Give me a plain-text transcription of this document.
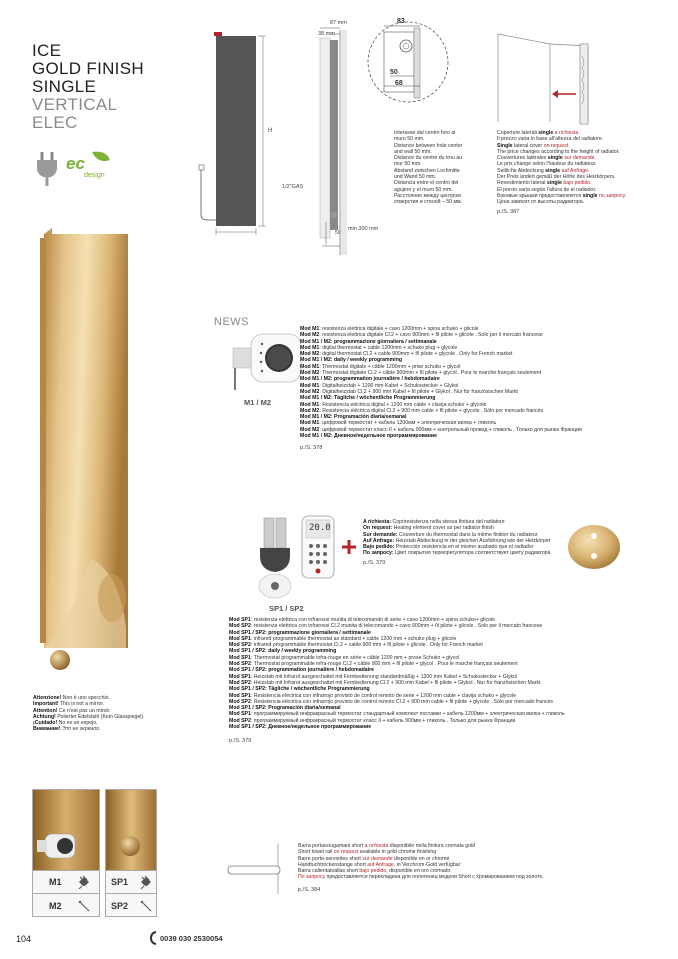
ICE
GOLD FINISH
SINGLE
VERTICAL
ELEC
ec
design
Attenzione! Non è uno specchio.
Important! This is not a mirror.
Attention! Ce n'est pas un miroir.
Achtung! Polierter Edelstahl (Kein Glasspiegel).
¡Cuidado! No es un espejo.
Внимание! Это не зеркало.
H
L
87 mm
38 mm
1/2"GAS
50
min 300 mm
83
50
68
Interasse dal centro foro al muro 50 mm.
Distance between hole center and wall 50 mm.
Distance du centre du trou au mur 50 mm.
Abstand zwischen Lochmitte und Wand 50 mm.
Distancia entre el centro del agujero y el muro 50 mm.
Расстояние между центром отверстия и стеной – 50 мм.
Coperture laterali single a richiesta.
Il prezzo varia in base all'altezza del radiatore.
Single lateral cover on request.
The price changes according to the height of radiator.
Couvertures latérales single sur demande.
Le prix change selon l'hauteur du radiateur.
Seitliche Abdeckung single auf Anfrage.
Der Preis ändert gemäß der Höhe des Heizkörpers.
Revestimiento lateral single bajo pedido.
El precio varia según l'altura de el radiador.
Боковые крышки предоставляются single по запросу.
Цена зависит от высоты радиатора.
p./S. 387
NEWS
M1 / M2
Mod M1: resistenza elettrica digitale + cavo 1200mm + spina schuko + glicole
Mod M2: resistenza elettrica digitale Cl.2 + cavo 900mm + fil pilote + glicole . Solo per il mercato francese
Mod M1 / M2: programmazione giornaliera / settimanale
Mod M1: digital thermostat + cable 1200mm + schuko plug + glycole
Mod M2: digital thermostat Cl.2 + cable 900mm + fil pilote + glycole . Only for French market
Mod M1 / M2: daily / weekly programming
Mod M1: Thermostat digitale + câble 1200mm + prise schuko + glycol
Mod M2: Thermostat digitale Cl.2 + câble 900mm + fil pilote + glycol . Pour le marché français seulement
Mod M1 / M2: programmation journalière / hebdomadaire
Mod M1: Digitalheizstab + 1200 mm Kabel + Schukostecker + Glykol
Mod M2: Digitalheizstab Cl.2 + 900 mm Kabel + fil pilote + Glykol . Nur für französischen Markt
Mod M1 / M2: Tägliche / wöchentliche Programmierung
Mod M1: Resistencia eléctrica digital + 1200 mm cable + clavija schuko + glycole
Mod M2: Resistencia eléctrica digital Cl.2 + 900 mm cable + fil pilote + glycole . Sólo por mercado francés
Mod M1 / M2: Programación diaria/semanal
Mod M1: цифровой термостат + кабель 1200мм + электрическая вилка + гликоль
Mod M2: цифровой термостат класс II + кабель 900мм + контрольный провод + гликоль . Только для рынка Франции
Mod M1 / M2: Дневное/недельное программирование
p./S. 378
20.0
SP1 / SP2
A richiesta: Copriresistenza nella stessa finitura del radiatore
On request: Heating element cover as per radiator finish
Sur demande: Couverture du thermostat dans la même finition du radiateur
Auf Anfrage: Heizstab Abdeckung in der gleichen Ausführung wie der Heizkörper
Bajo pedido: Protección resistencia en el mismo acabado que el radiador
По запросу: Цвет покрытия терморегулятора соответствует цвету радиатора
p./S. 379
Mod SP1: resistenza elettrica con infrarossi munita di telecomando di serie + cavo 1200mm + spina schuko+ glicole
Mod SP2: resistenza elettrica con infrarossi Cl.2 munita di telecomando + cavo 900mm + fil pilote + glicole . Solo per il mercato francese
Mod SP1 / SP2: programmazione giornaliera / settimanale
Mod SP1: infrared programmable thermostat as standard + cable 1200 mm + schuko plug + glicole
Mod SP2: infrared programmable thermostat Cl.2 + cable 900 mm + fil pilote + glicole . Only for French market
Mod SP1 / SP2: daily / weekly programming
Mod SP1: Thermostat programmable infra-rouge en série + câble 1200 mm + prose Schuko + glycol
Mod SP2: Thermostat programmable infra-rouge Cl.2 + câble 900 mm + fil pilote + glycol . Pour le marché français seulement
Mod SP1 / SP2: programmation journalière / hebdomadaire
Mod SP1: Heizstab mit Infrarot ausgeschattet mit Fernbedienung standardmäßig + 1200 mm Kabel + Schukostecker + Glykol
Mod SP2: Heizstab mit Infrarot ausgeschattet mit Fernbedienung Cl.2 + 900 mm Kabel + fil pilote + Glykol . Nur für französischen Markt
Mod SP1 / SP2: Tägliche / wöchentliche Programmierung
Mod SP1: Resistencia eléctrica con infrarrojo provisto de control remoto de serie + 1200 mm cable + clavija schuko + glycole
Mod SP2: Resistencia eléctrica con infrarrojo provisto de control remoto Cl.2 + 900 mm cable + fil pilote + glycole . Sólo por mercado francés
Mod SP1 / SP2: Programación diaria/semanal
Mod SP1: программируемый инфракрасный термостат стандартный комплект поставки + кабель 1200мм + электрическая вилка + гликоль
Mod SP2: программируемый инфракрасный термостат класс II + кабель 900мм + гликоль . Только для рынка Франции
Mod SP1 / SP2: Дневное/недельное программирование
p./S. 379
M1
M2
SP1
SP2
Barra portasciugamani short a richiesta disponibile nella finitura cromata gold
Short towel rail on request available in gold chrome finishing
Barre porte-serviettes short sur demande disponible en or chromé
Handtuchtrockenstange short auf Anfrage, in Verchrom-Gold verfügbar
Barra calientatoallas short bajo pedido, disponible en oro cromado
По запросу предоставляется перекладина для полотенец модели Short с хромированием под золото.
p./S. 384
104	0039 030 2530054
